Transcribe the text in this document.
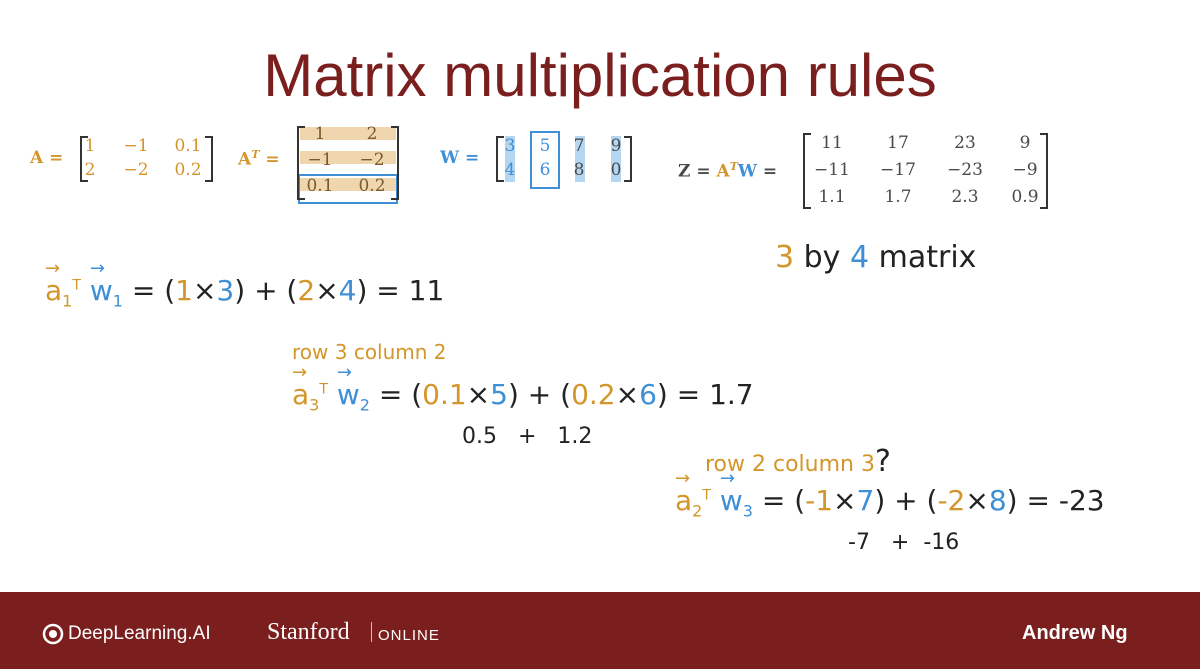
Matrix multiplication rules
A =
1	−1	0.1
2	−2	0.2
$A^T$ =
1	2
−1	−2
0.1	0.2
W =
3	5	7	9
4	6	8	0	$Z = A^TW$ =
11	17	23	9
−11 −17 −23	−9
1.1	1.7	2.3	0.9
3 by 4 matrix
→ $a_1^T \to w_1 = (1\times 3) + (2\times 4) = 11$
row 3 column 2
→ $a_3^T \to w_2 = (0.1\times 5) + (0.2\times 6) = 1.7$
0.5   +   1.2
row 2 column 3?
→ $a_2^T \to w_3 = (-1\times 7) + (-2\times 8) = -23$
-7   +  -16
DeepLearning.AI Stanford ONLINE	Andrew Ng
